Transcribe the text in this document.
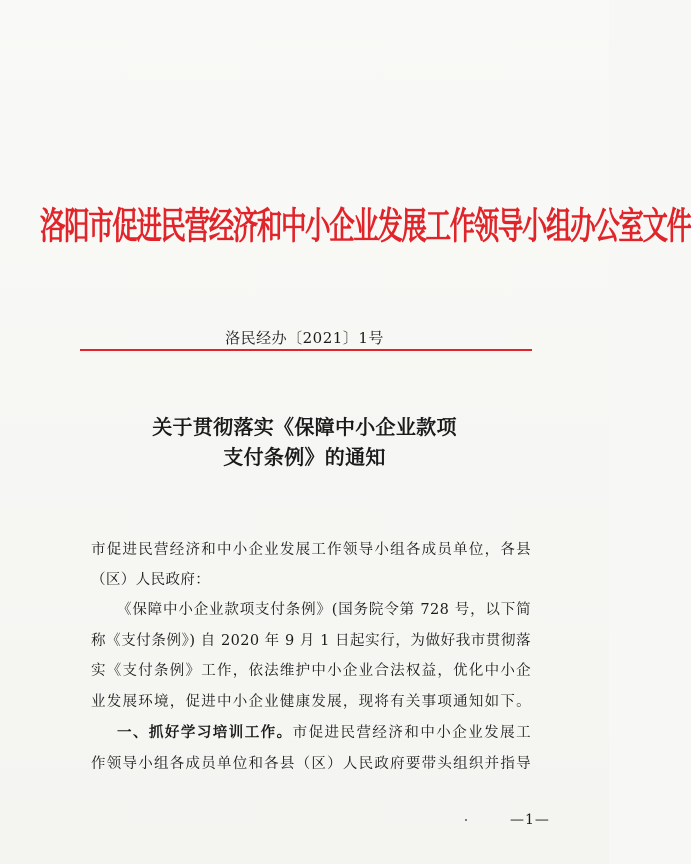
洛阳市促进民营经济和中小企业发展工作领导小组办公室文件
洛民经办〔2021〕1号
关于贯彻落实《保障中小企业款项
支付条例》的通知
市促进民营经济和中小企业发展工作领导小组各成员单位，各县
（区）人民政府：
《保障中小企业款项支付条例》(国务院令第 728 号，以下简
称《支付条例》) 自 2020 年 9 月 1 日起实行，为做好我市贯彻落
实《支付条例》工作，依法维护中小企业合法权益，优化中小企
业发展环境，促进中小企业健康发展，现将有关事项通知如下。
一、抓好学习培训工作。市促进民营经济和中小企业发展工
作领导小组各成员单位和各县（区）人民政府要带头组织并指导
—1—
